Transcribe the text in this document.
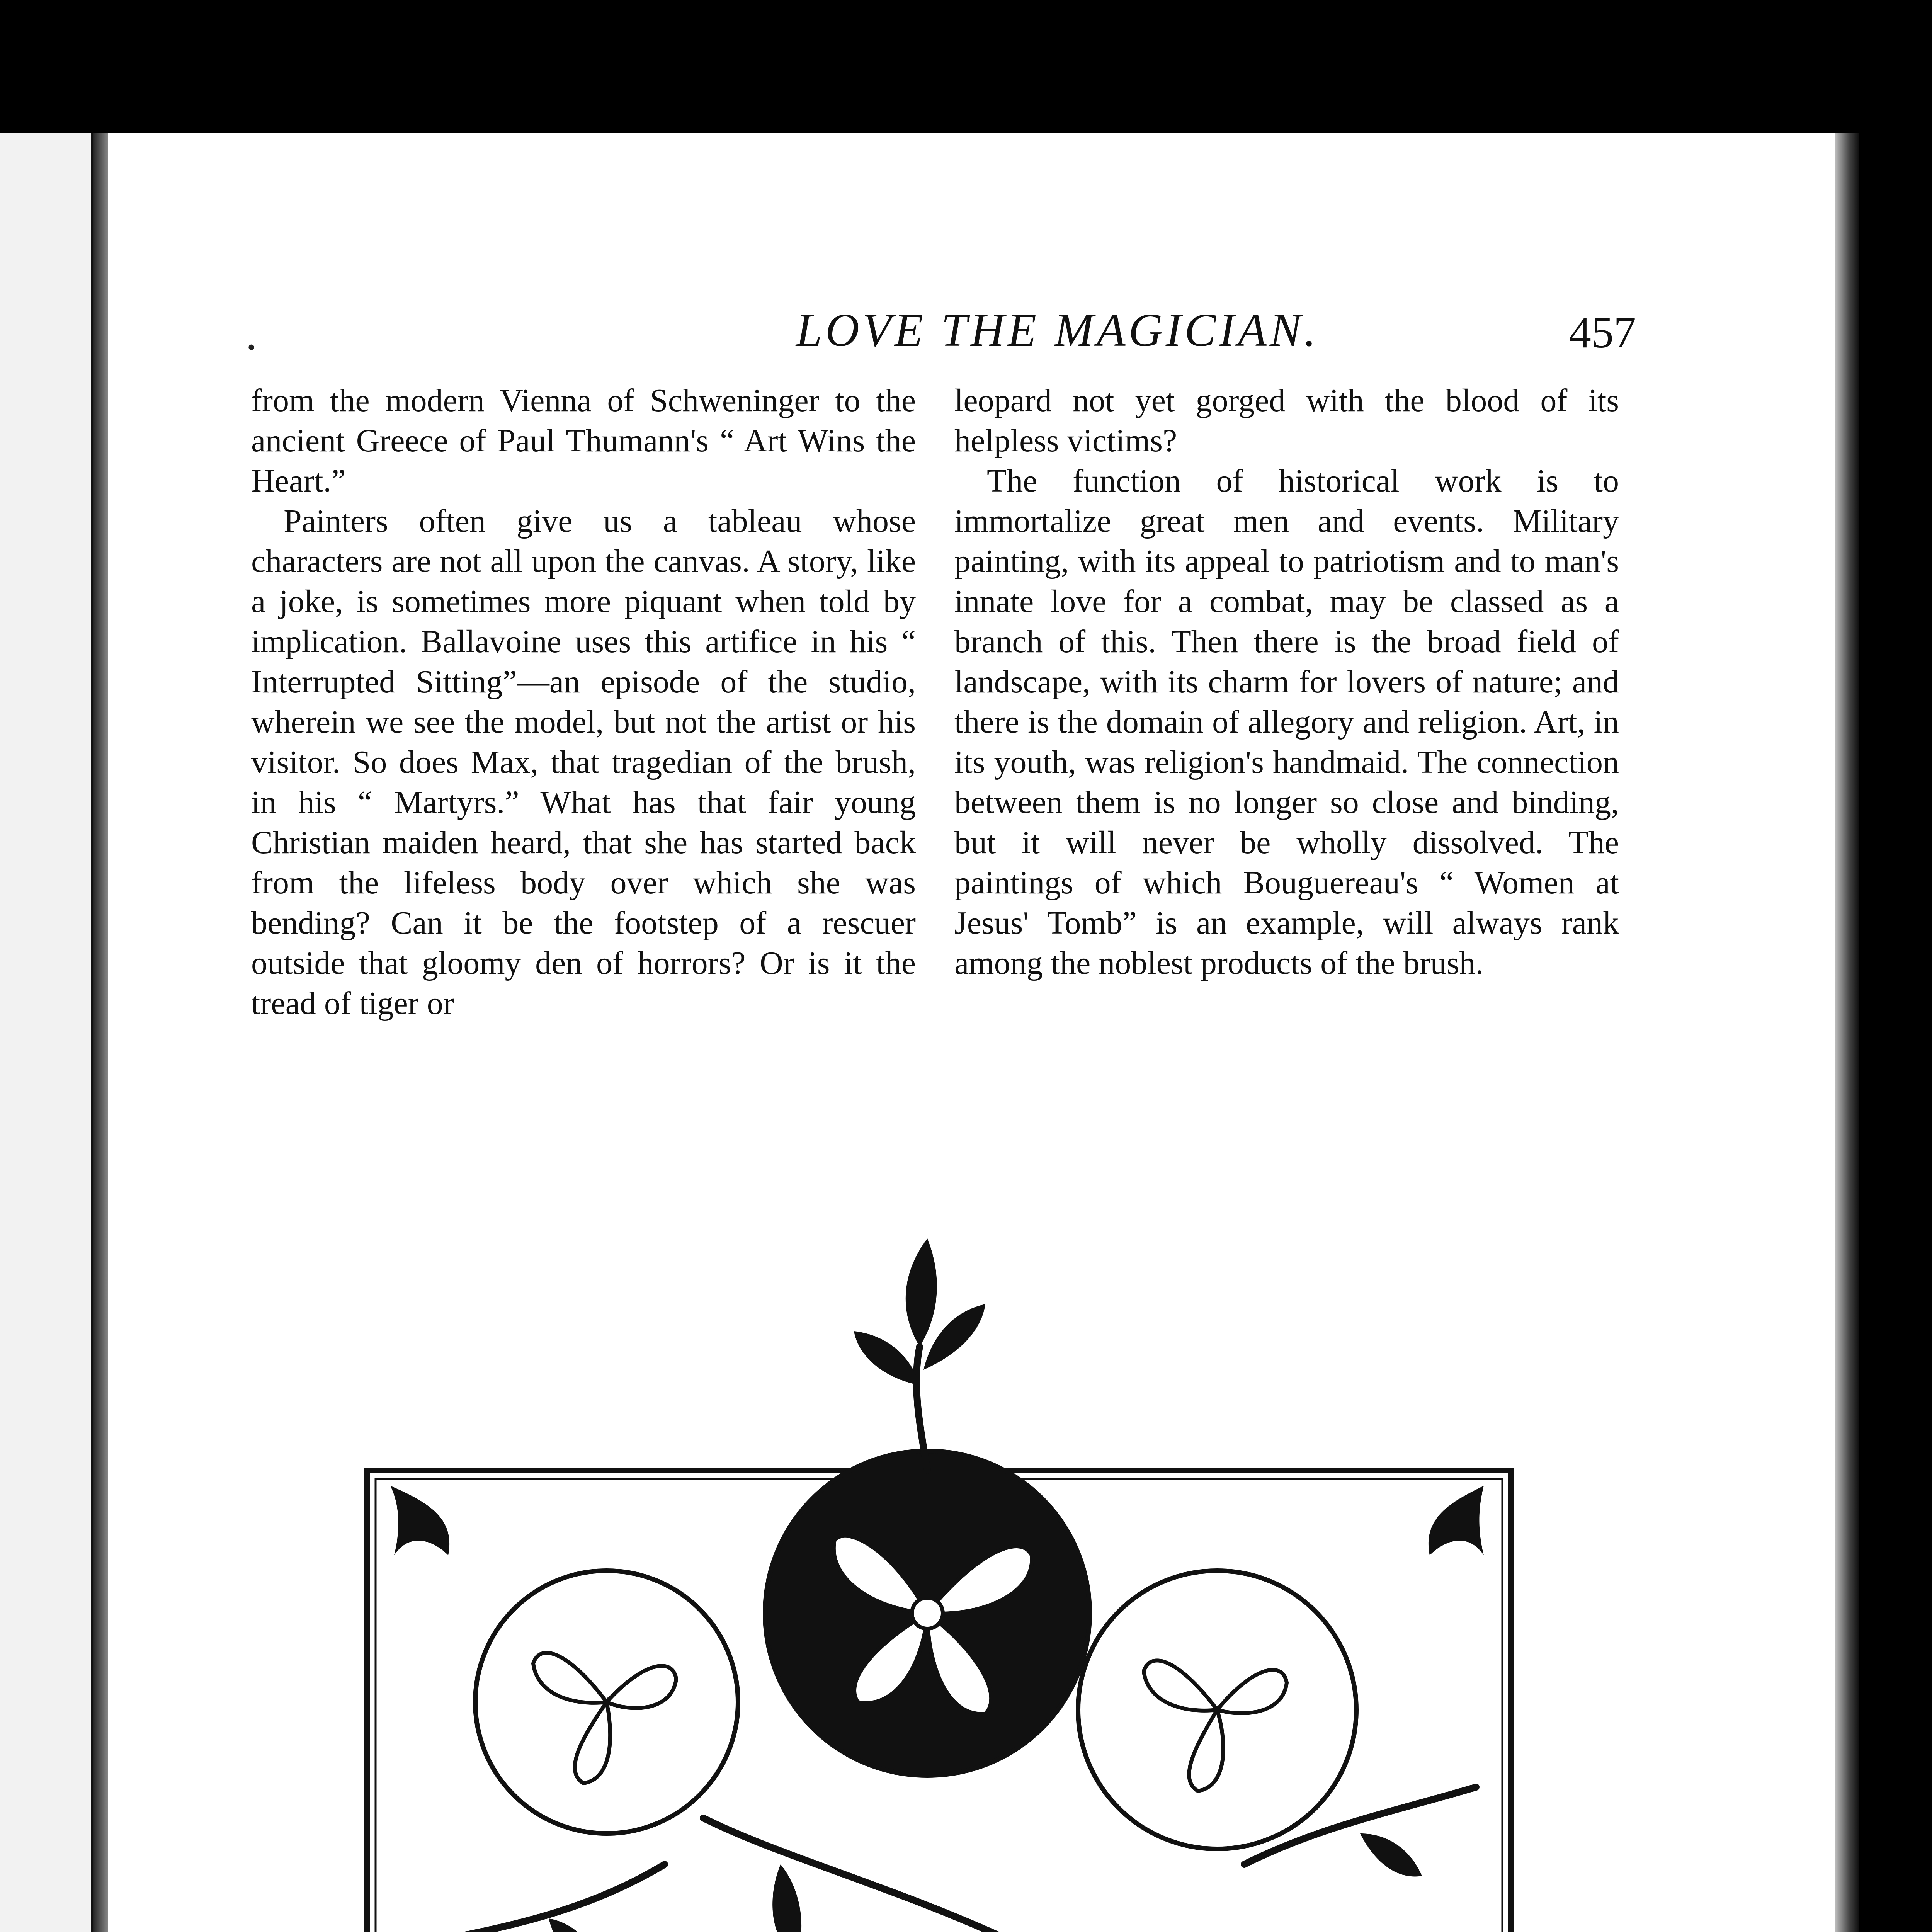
•	LOVE THE MAGICIAN.	457

from the modern Vienna of Schweninger to the ancient Greece of Paul Thumann's “ Art Wins the Heart.”

Painters often give us a tableau whose characters are not all upon the canvas. A story, like a joke, is sometimes more piquant when told by implication. Ballavoine uses this artifice in his “ Interrupted Sitting”—an episode of the studio, wherein we see the model, but not the artist or his visitor. So does Max, that tragedian of the brush, in his “ Martyrs.” What has that fair young Christian maiden heard, that she has started back from the lifeless body over which she was bending? Can it be the footstep of a rescuer outside that gloomy den of horrors? Or is it the tread of tiger or

leopard not yet gorged with the blood of its helpless victims?

The function of historical work is to immortalize great men and events. Military painting, with its appeal to patriotism and to man's innate love for a combat, may be classed as a branch of this. Then there is the broad field of landscape, with its charm for lovers of nature; and there is the domain of allegory and religion. Art, in its youth, was religion's handmaid. The connection between them is no longer so close and binding, but it will never be wholly dissolved. The paintings of which Bouguereau's “ Women at Jesus' Tomb” is an example, will always rank among the noblest products of the brush.
